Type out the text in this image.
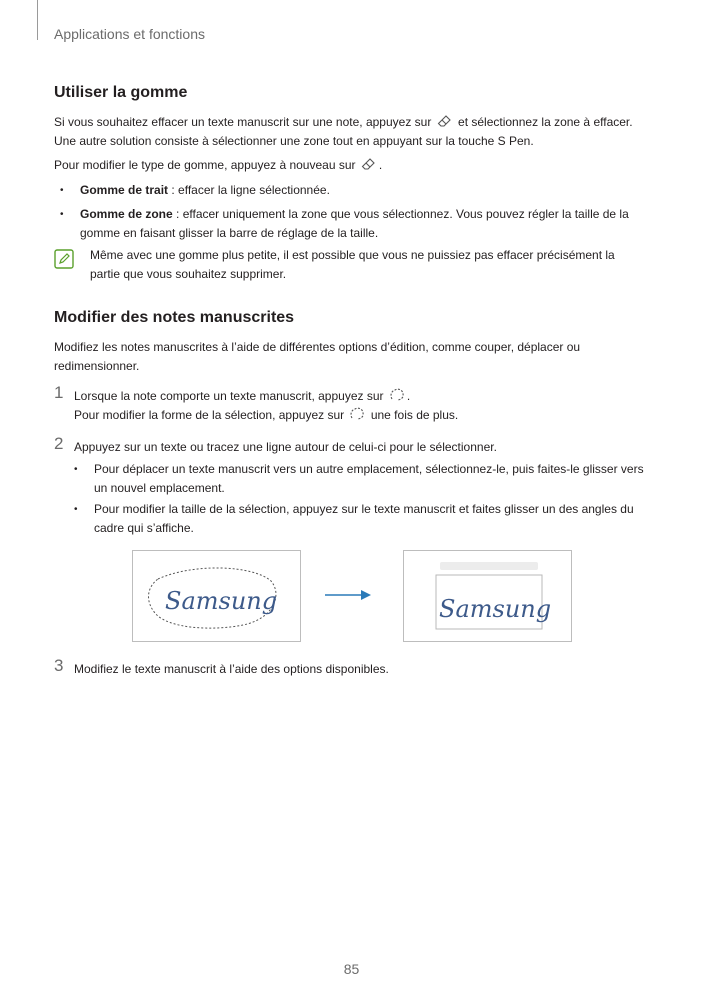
Applications et fonctions
Utiliser la gomme

Si vous souhaitez effacer un texte manuscrit sur une note, appuyez sur et sélectionnez la zone à effacer.
Une autre solution consiste à sélectionner une zone tout en appuyant sur la touche S Pen.

Pour modifier le type de gomme, appuyez à nouveau sur .

• Gomme de trait : effacer la ligne sélectionnée.
• Gomme de zone : effacer uniquement la zone que vous sélectionnez. Vous pouvez régler la taille de la gomme en faisant glisser la barre de réglage de la taille.

Même avec une gomme plus petite, il est possible que vous ne puissiez pas effacer précisément la partie que vous souhaitez supprimer.

Modifier des notes manuscrites

Modifiez les notes manuscrites à l’aide de différentes options d’édition, comme couper, déplacer ou redimensionner.

1 Lorsque la note comporte un texte manuscrit, appuyez sur .
Pour modifier la forme de la sélection, appuyez sur une fois de plus.

2 Appuyez sur un texte ou tracez une ligne autour de celui-ci pour le sélectionner.

• Pour déplacer un texte manuscrit vers un autre emplacement, sélectionnez-le, puis faites-le glisser vers un nouvel emplacement.
• Pour modifier la taille de la sélection, appuyez sur le texte manuscrit et faites glisser un des angles du cadre qui s’affiche.
Samsung	Samsung
3 Modifiez le texte manuscrit à l’aide des options disponibles.

85
